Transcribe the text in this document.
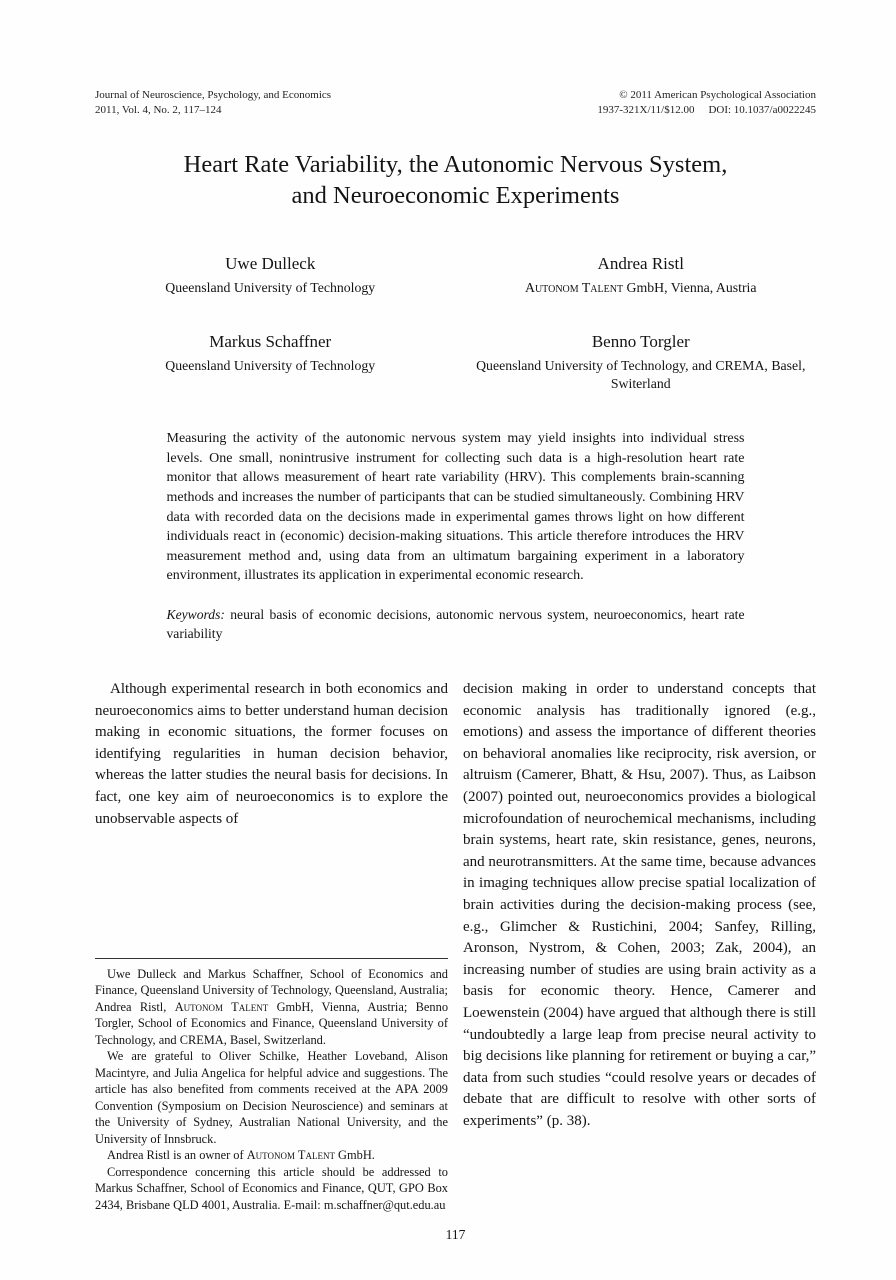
Journal of Neuroscience, Psychology, and Economics
2011, Vol. 4, No. 2, 117–124
© 2011 American Psychological Association
1937-321X/11/$12.00 DOI: 10.1037/a0022245
Heart Rate Variability, the Autonomic Nervous System,
and Neuroeconomic Experiments
Uwe Dulleck
Queensland University of Technology
Andrea Ristl
Autonom Talent GmbH, Vienna, Austria
Markus Schaffner
Queensland University of Technology
Benno Torgler
Queensland University of Technology, and CREMA, Basel, Switerland
Measuring the activity of the autonomic nervous system may yield insights into individual stress levels. One small, nonintrusive instrument for collecting such data is a high-resolution heart rate monitor that allows measurement of heart rate variability (HRV). This complements brain-scanning methods and increases the number of participants that can be studied simultaneously. Combining HRV data with recorded data on the decisions made in experimental games throws light on how different individuals react in (economic) decision-making situations. This article therefore introduces the HRV measurement method and, using data from an ultimatum bargaining experiment in a laboratory environment, illustrates its application in experimental economic research.
Keywords: neural basis of economic decisions, autonomic nervous system, neuroeconomics, heart rate variability

Although experimental research in both economics and neuroeconomics aims to better understand human decision making in economic situations, the former focuses on identifying regularities in human decision behavior, whereas the latter studies the neural basis for decisions. In fact, one key aim of neuroeconomics is to explore the unobservable aspects of

Uwe Dulleck and Markus Schaffner, School of Economics and Finance, Queensland University of Technology, Queensland, Australia; Andrea Ristl, Autonom Talent GmbH, Vienna, Austria; Benno Torgler, School of Economics and Finance, Queensland University of Technology, and CREMA, Basel, Switzerland.

We are grateful to Oliver Schilke, Heather Loveband, Alison Macintyre, and Julia Angelica for helpful advice and suggestions. The article has also benefited from comments received at the APA 2009 Convention (Symposium on Decision Neuroscience) and seminars at the University of Sydney, Australian National University, and the University of Innsbruck.

Andrea Ristl is an owner of Autonom Talent GmbH.

Correspondence concerning this article should be addressed to Markus Schaffner, School of Economics and Finance, QUT, GPO Box 2434, Brisbane QLD 4001, Australia. E-mail: m.schaffner@qut.edu.au

decision making in order to understand concepts that economic analysis has traditionally ignored (e.g., emotions) and assess the importance of different theories on behavioral anomalies like reciprocity, risk aversion, or altruism (Camerer, Bhatt, & Hsu, 2007). Thus, as Laibson (2007) pointed out, neuroeconomics provides a biological microfoundation of neurochemical mechanisms, including brain systems, heart rate, skin resistance, genes, neurons, and neurotransmitters. At the same time, because advances in imaging techniques allow precise spatial localization of brain activities during the decision-making process (see, e.g., Glimcher & Rustichini, 2004; Sanfey, Rilling, Aronson, Nystrom, & Cohen, 2003; Zak, 2004), an increasing number of studies are using brain activity as a basis for economic theory. Hence, Camerer and Loewenstein (2004) have argued that although there is still “undoubtedly a large leap from precise neural activity to big decisions like planning for retirement or buying a car,” data from such studies “could resolve years or decades of debate that are difficult to resolve with other sorts of experiments” (p. 38).

117
